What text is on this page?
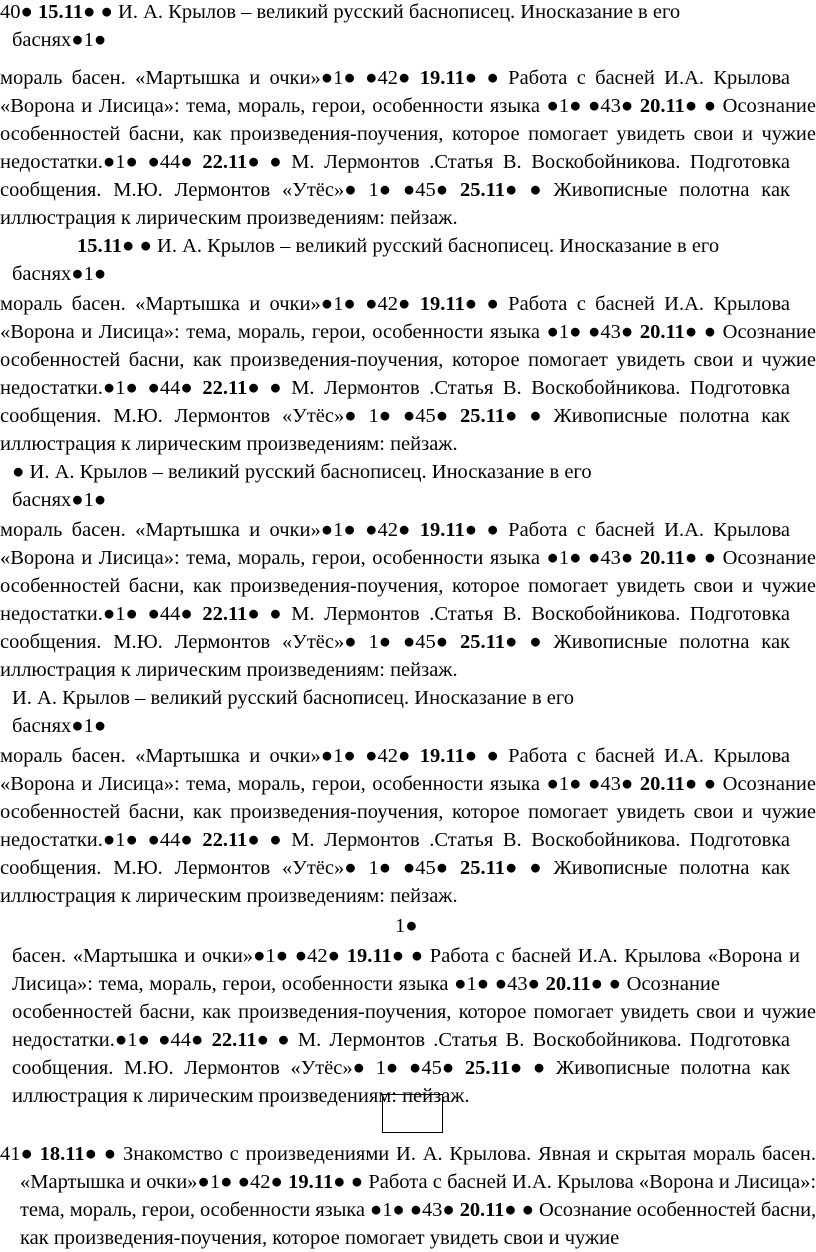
40● 15.11● ● И. А. Крылов – великий русский баснописец. Иносказание в его
баснях●1●
мораль басен. «Мартышка и очки»●1● ●42● 19.11● ● Работа с басней И.А. Крылова
«Ворона и Лисица»: тема, мораль, герои, особенности языка ●1● ●43● 20.11● ● Осознание
особенностей басни, как произведения-поучения, которое помогает увидеть свои и чужие
недостатки.●1● ●44● 22.11● ● М. Лермонтов .Статья В. Воскобойникова. Подготовка
сообщения. М.Ю. Лермонтов «Утёс»● 1● ●45● 25.11● ● Живописные полотна как
иллюстрация к лирическим произведениям: пейзаж.
15.11● ● И. А. Крылов – великий русский баснописец. Иносказание в его
баснях●1●
мораль басен. «Мартышка и очки»●1● ●42● 19.11● ● Работа с басней И.А. Крылова
«Ворона и Лисица»: тема, мораль, герои, особенности языка ●1● ●43● 20.11● ● Осознание
особенностей басни, как произведения-поучения, которое помогает увидеть свои и чужие
недостатки.●1● ●44● 22.11● ● М. Лермонтов .Статья В. Воскобойникова. Подготовка
сообщения. М.Ю. Лермонтов «Утёс»● 1● ●45● 25.11● ● Живописные полотна как
иллюстрация к лирическим произведениям: пейзаж.
● И. А. Крылов – великий русский баснописец. Иносказание в его
баснях●1●
мораль басен. «Мартышка и очки»●1● ●42● 19.11● ● Работа с басней И.А. Крылова
«Ворона и Лисица»: тема, мораль, герои, особенности языка ●1● ●43● 20.11● ● Осознание
особенностей басни, как произведения-поучения, которое помогает увидеть свои и чужие
недостатки.●1● ●44● 22.11● ● М. Лермонтов .Статья В. Воскобойникова. Подготовка
сообщения. М.Ю. Лермонтов «Утёс»● 1● ●45● 25.11● ● Живописные полотна как
иллюстрация к лирическим произведениям: пейзаж.
И. А. Крылов – великий русский баснописец. Иносказание в его
баснях●1●
мораль басен. «Мартышка и очки»●1● ●42● 19.11● ● Работа с басней И.А. Крылова
«Ворона и Лисица»: тема, мораль, герои, особенности языка ●1● ●43● 20.11● ● Осознание
особенностей басни, как произведения-поучения, которое помогает увидеть свои и чужие
недостатки.●1● ●44● 22.11● ● М. Лермонтов .Статья В. Воскобойникова. Подготовка
сообщения. М.Ю. Лермонтов «Утёс»● 1● ●45● 25.11● ● Живописные полотна как
иллюстрация к лирическим произведениям: пейзаж.
1●
басен. «Мартышка и очки»●1● ●42● 19.11● ● Работа с басней И.А. Крылова «Ворона и
Лисица»: тема, мораль, герои, особенности языка ●1● ●43● 20.11● ● Осознание
особенностей басни, как произведения-поучения, которое помогает увидеть свои и чужие
недостатки.●1● ●44● 22.11● ● М. Лермонтов .Статья В. Воскобойникова. Подготовка
сообщения. М.Ю. Лермонтов «Утёс»● 1● ●45● 25.11● ● Живописные полотна как
иллюстрация к лирическим произведениям: пейзаж.
41● 18.11● ● Знакомство с произведениями И. А. Крылова. Явная и скрытая мораль басен.
«Мартышка и очки»●1● ●42● 19.11● ● Работа с басней И.А. Крылова «Ворона и Лисица»:
тема, мораль, герои, особенности языка ●1● ●43● 20.11● ● Осознание особенностей басни,
как произведения-поучения, которое помогает увидеть свои и чужие
